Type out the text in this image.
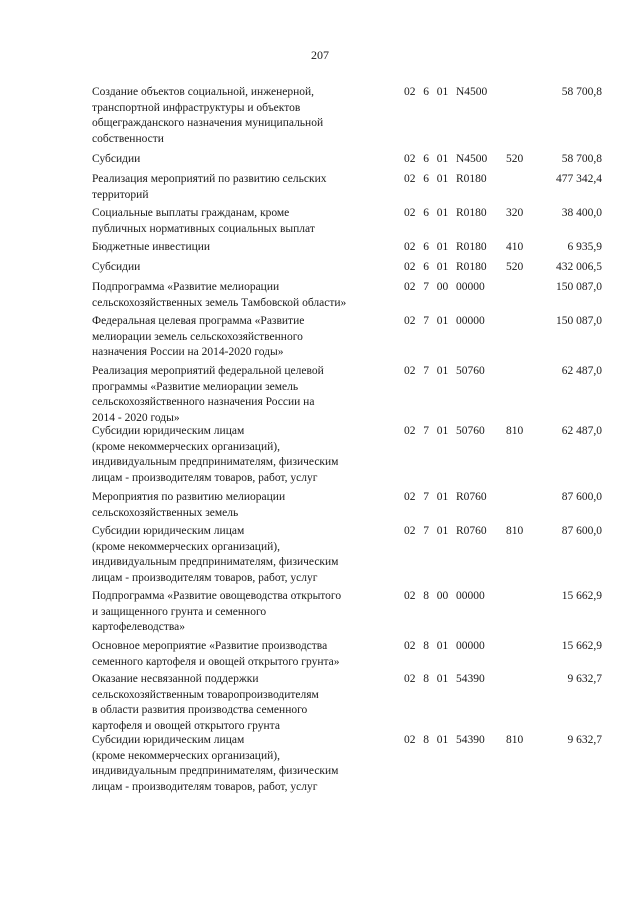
207
Создание объектов социальной, инженерной,
транспортной инфраструктуры и объектов
общегражданского назначения муниципальной
собственности
02  6  01  N4500	58 700,8
Субсидии	02  6  01  N4500 520	58 700,8
Реализация мероприятий по развитию сельских
территорий
02  6  01  R0180	477 342,4
Социальные выплаты гражданам, кроме
публичных нормативных социальных выплат
02  6  01  R0180 320	38 400,0
Бюджетные инвестиции	02  6  01  R0180 410	6 935,9
Субсидии	02  6  01  R0180 520	432 006,5
Подпрограмма «Развитие мелиорации
сельскохозяйственных земель Тамбовской области»
02  7  00  00000	150 087,0
Федеральная целевая программа «Развитие
мелиорации земель сельскохозяйственного
назначения России на 2014-2020 годы»
02  7  01  00000	150 087,0
Реализация мероприятий федеральной целевой
программы «Развитие мелиорации земель
сельскохозяйственного назначения России на
2014 - 2020 годы»
02  7  01  50760	62 487,0
Субсидии юридическим лицам
(кроме некоммерческих организаций),
индивидуальным предпринимателям, физическим
лицам - производителям товаров, работ, услуг
02  7  01  50760 810	62 487,0
Мероприятия по развитию мелиорации
сельскохозяйственных земель
02  7  01  R0760	87 600,0
Субсидии юридическим лицам
(кроме некоммерческих организаций),
индивидуальным предпринимателям, физическим
лицам - производителям товаров, работ, услуг
02  7  01  R0760 810	87 600,0
Подпрограмма «Развитие овощеводства открытого
и защищенного грунта и семенного
картофелеводства»
02  8  00  00000	15 662,9
Основное мероприятие «Развитие производства
семенного картофеля и овощей открытого грунта»
02  8  01  00000	15 662,9
Оказание несвязанной поддержки
сельскохозяйственным товаропроизводителям
в области развития производства семенного
картофеля и овощей открытого грунта
02  8  01  54390	9 632,7
Субсидии юридическим лицам
(кроме некоммерческих организаций),
индивидуальным предпринимателям, физическим
лицам - производителям товаров, работ, услуг
02  8  01  54390 810	9 632,7
